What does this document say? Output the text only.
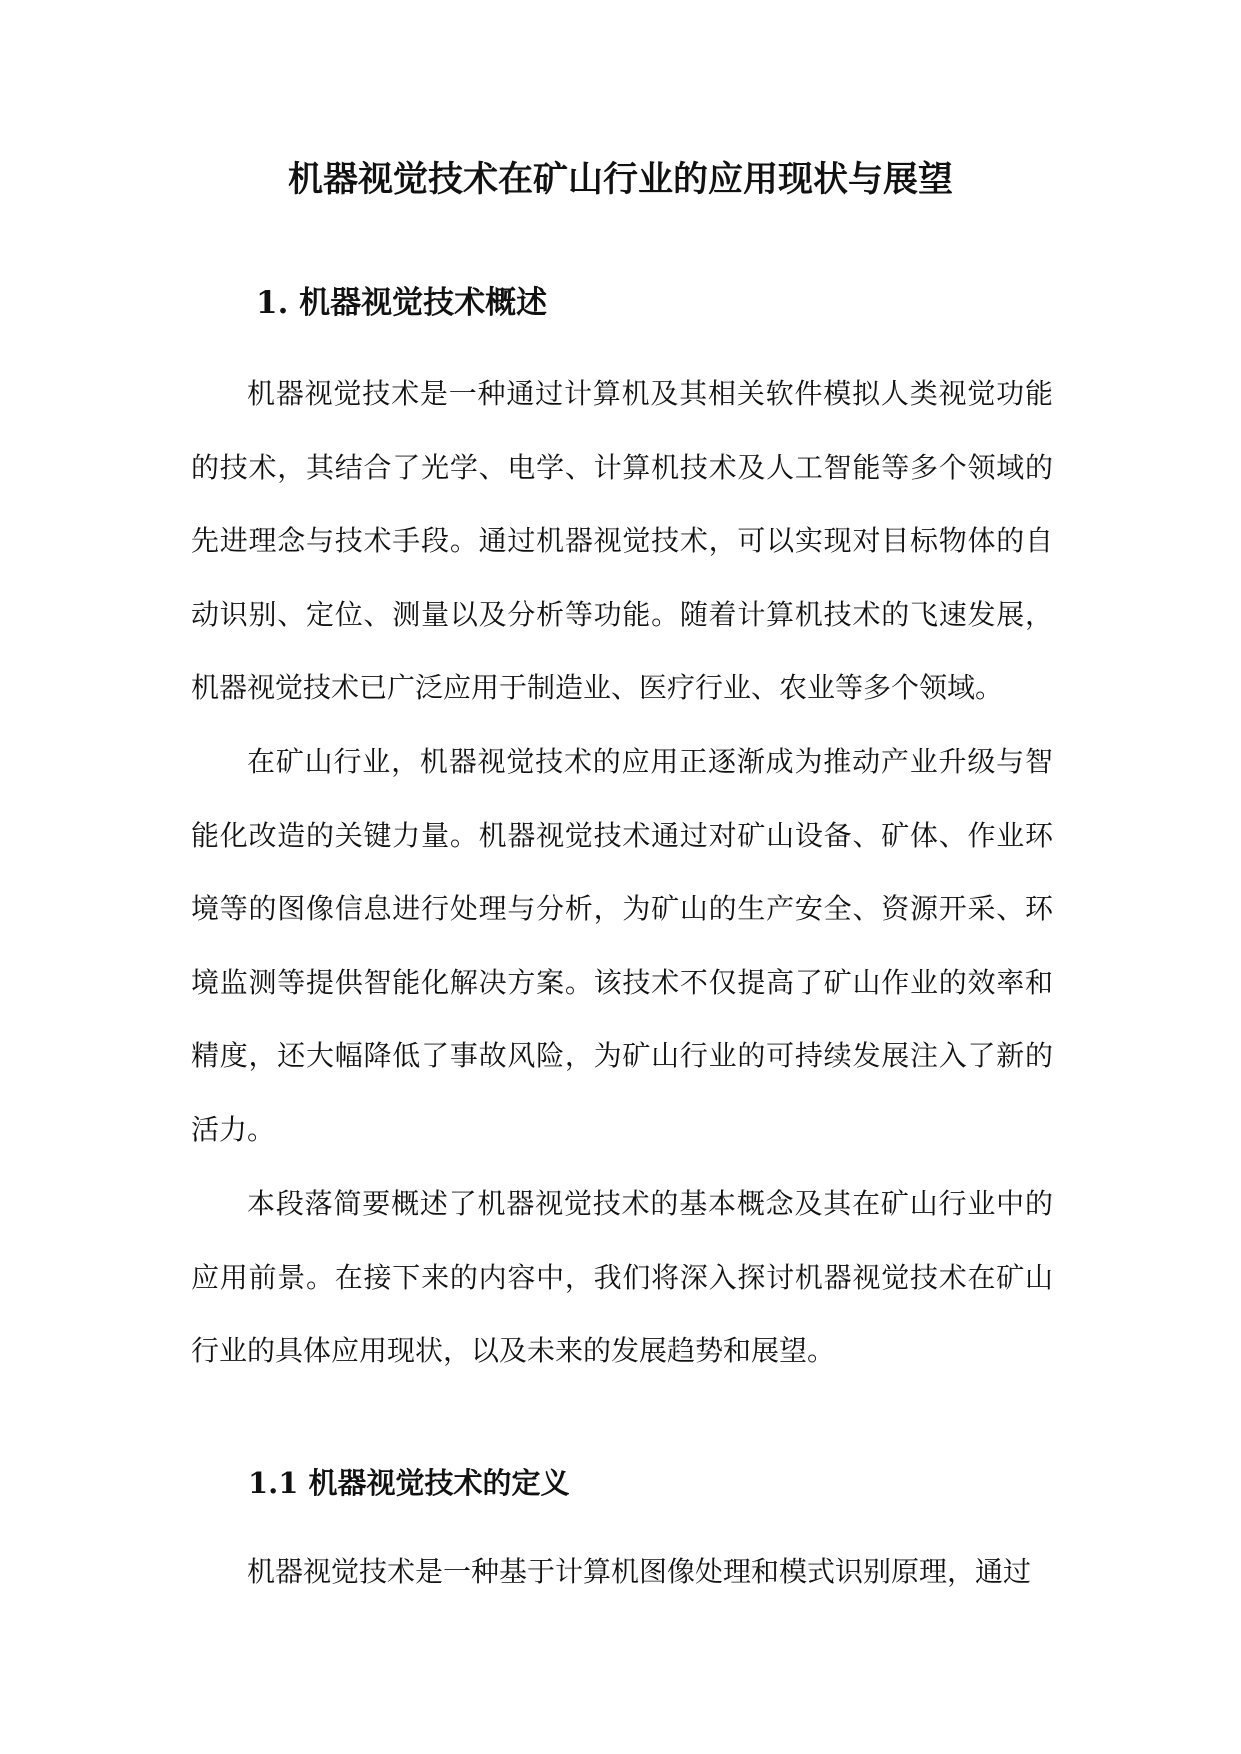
机器视觉技术在矿山行业的应用现状与展望
1. 机器视觉技术概述

机器视觉技术是一种通过计算机及其相关软件模拟人类视觉功能的技术，其结合了光学、电学、计算机技术及人工智能等多个领域的先进理念与技术手段。通过机器视觉技术，可以实现对目标物体的自动识别、定位、测量以及分析等功能。随着计算机技术的飞速发展，机器视觉技术已广泛应用于制造业、医疗行业、农业等多个领域。

在矿山行业，机器视觉技术的应用正逐渐成为推动产业升级与智能化改造的关键力量。机器视觉技术通过对矿山设备、矿体、作业环境等的图像信息进行处理与分析，为矿山的生产安全、资源开采、环境监测等提供智能化解决方案。该技术不仅提高了矿山作业的效率和精度，还大幅降低了事故风险，为矿山行业的可持续发展注入了新的活力。

本段落简要概述了机器视觉技术的基本概念及其在矿山行业中的应用前景。在接下来的内容中，我们将深入探讨机器视觉技术在矿山行业的具体应用现状，以及未来的发展趋势和展望。

1.1 机器视觉技术的定义

机器视觉技术是一种基于计算机图像处理和模式识别原理，通过
